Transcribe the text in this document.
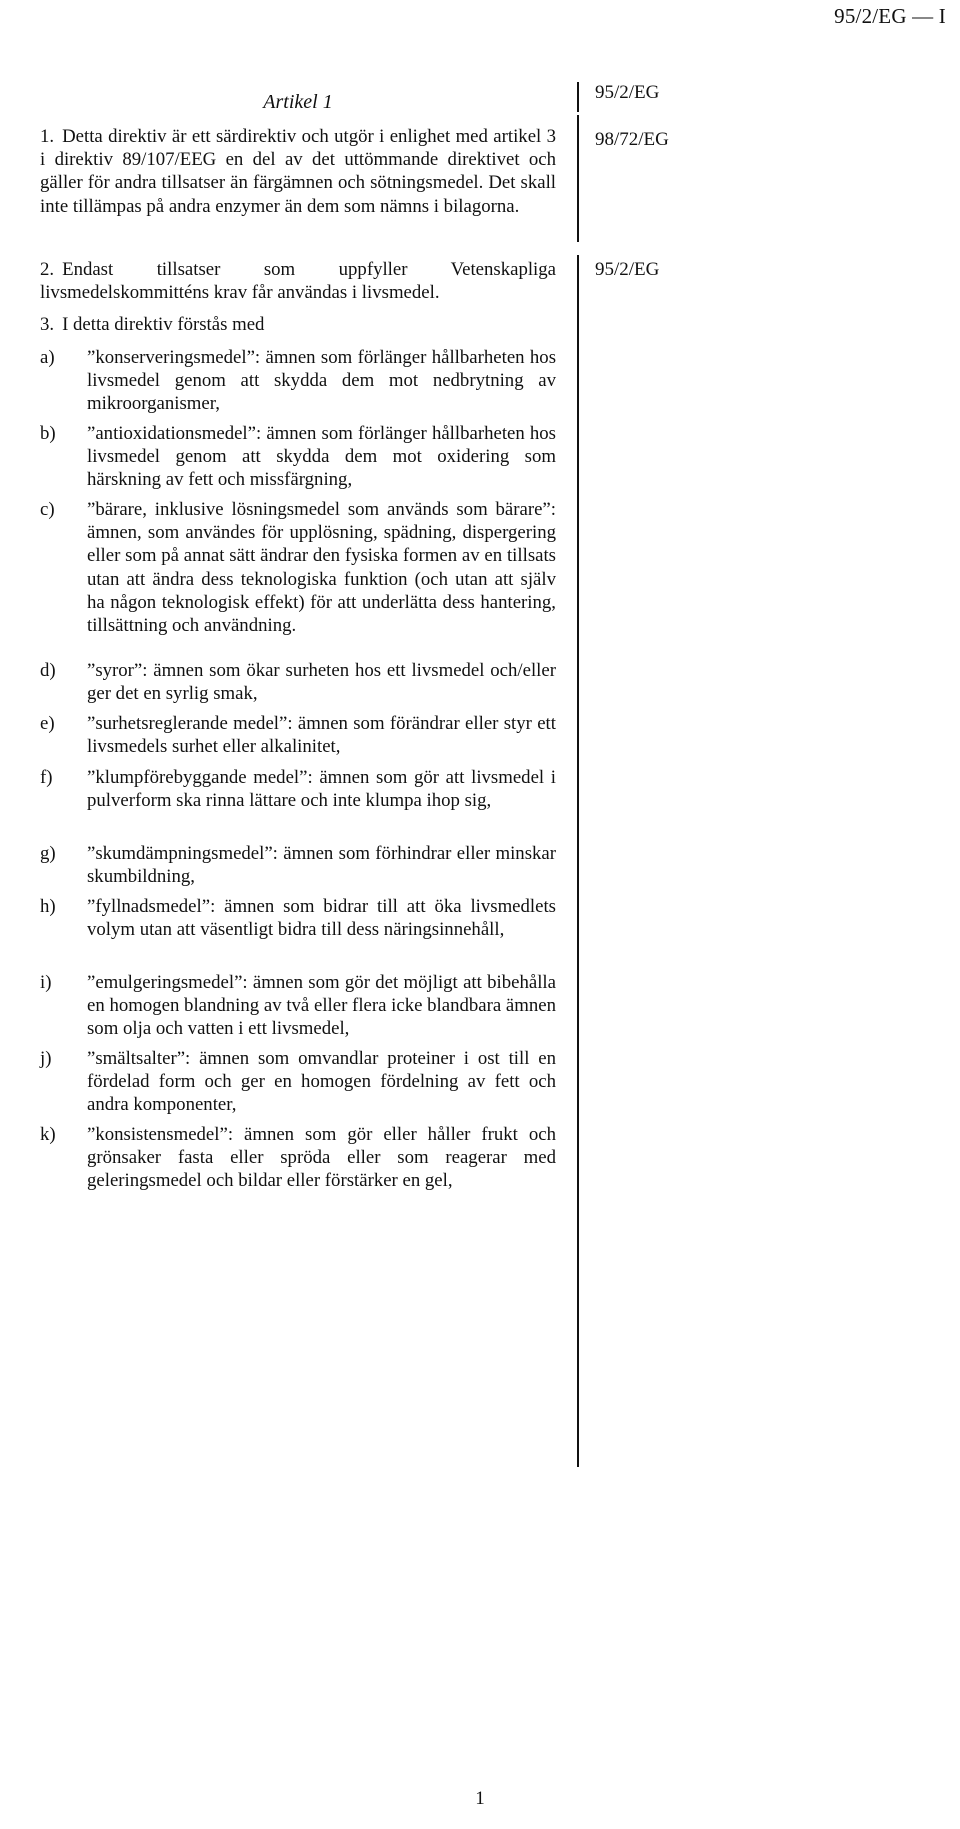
95/2/EG — I
Artikel 1
1. Detta direktiv är ett särdirektiv och utgör i enlighet med artikel 3 i direktiv 89/107/EEG en del av det uttömmande direktivet och gäller för andra tillsatser än färgämnen och sötningsmedel. Det skall inte tillämpas på andra enzymer än dem som nämns i bilagorna.
2. Endast tillsatser som uppfyller Vetenskapliga livsmedelskommitténs krav får användas i livsmedel.
3. I detta direktiv förstås med
a)	”konserveringsmedel”: ämnen som förlänger hållbarheten hos livsmedel genom att skydda dem mot nedbrytning av mikroorganismer,
b)	”antioxidationsmedel”: ämnen som förlänger hållbarheten hos livsmedel genom att skydda dem mot oxidering som härskning av fett och missfärgning,
c)	”bärare, inklusive lösningsmedel som används som bärare”: ämnen, som användes för upplösning, spädning, dispergering eller som på annat sätt ändrar den fysiska formen av en tillsats utan att ändra dess teknologiska funktion (och utan att själv ha någon teknologisk effekt) för att underlätta dess hantering, tillsättning och användning.
d)	”syror”: ämnen som ökar surheten hos ett livsmedel och/eller ger det en syrlig smak,
e)	”surhetsreglerande medel”: ämnen som förändrar eller styr ett livsmedels surhet eller alkalinitet,
f)	”klumpförebyggande medel”: ämnen som gör att livsmedel i pulverform ska rinna lättare och inte klumpa ihop sig,
g)	”skumdämpningsmedel”: ämnen som förhindrar eller minskar skumbildning,
h)	”fyllnadsmedel”: ämnen som bidrar till att öka livsmedlets volym utan att väsentligt bidra till dess näringsinnehåll,
i)	”emulgeringsmedel”: ämnen som gör det möjligt att bibehålla en homogen blandning av två eller flera icke blandbara ämnen som olja och vatten i ett livsmedel,
j)	”smältsalter”: ämnen som omvandlar proteiner i ost till en fördelad form och ger en homogen fördelning av fett och andra komponenter,
k)	”konsistensmedel”: ämnen som gör eller håller frukt och grönsaker fasta eller spröda eller som reagerar med geleringsmedel och bildar eller förstärker en gel,
95/2/EG
98/72/EG
95/2/EG
1
